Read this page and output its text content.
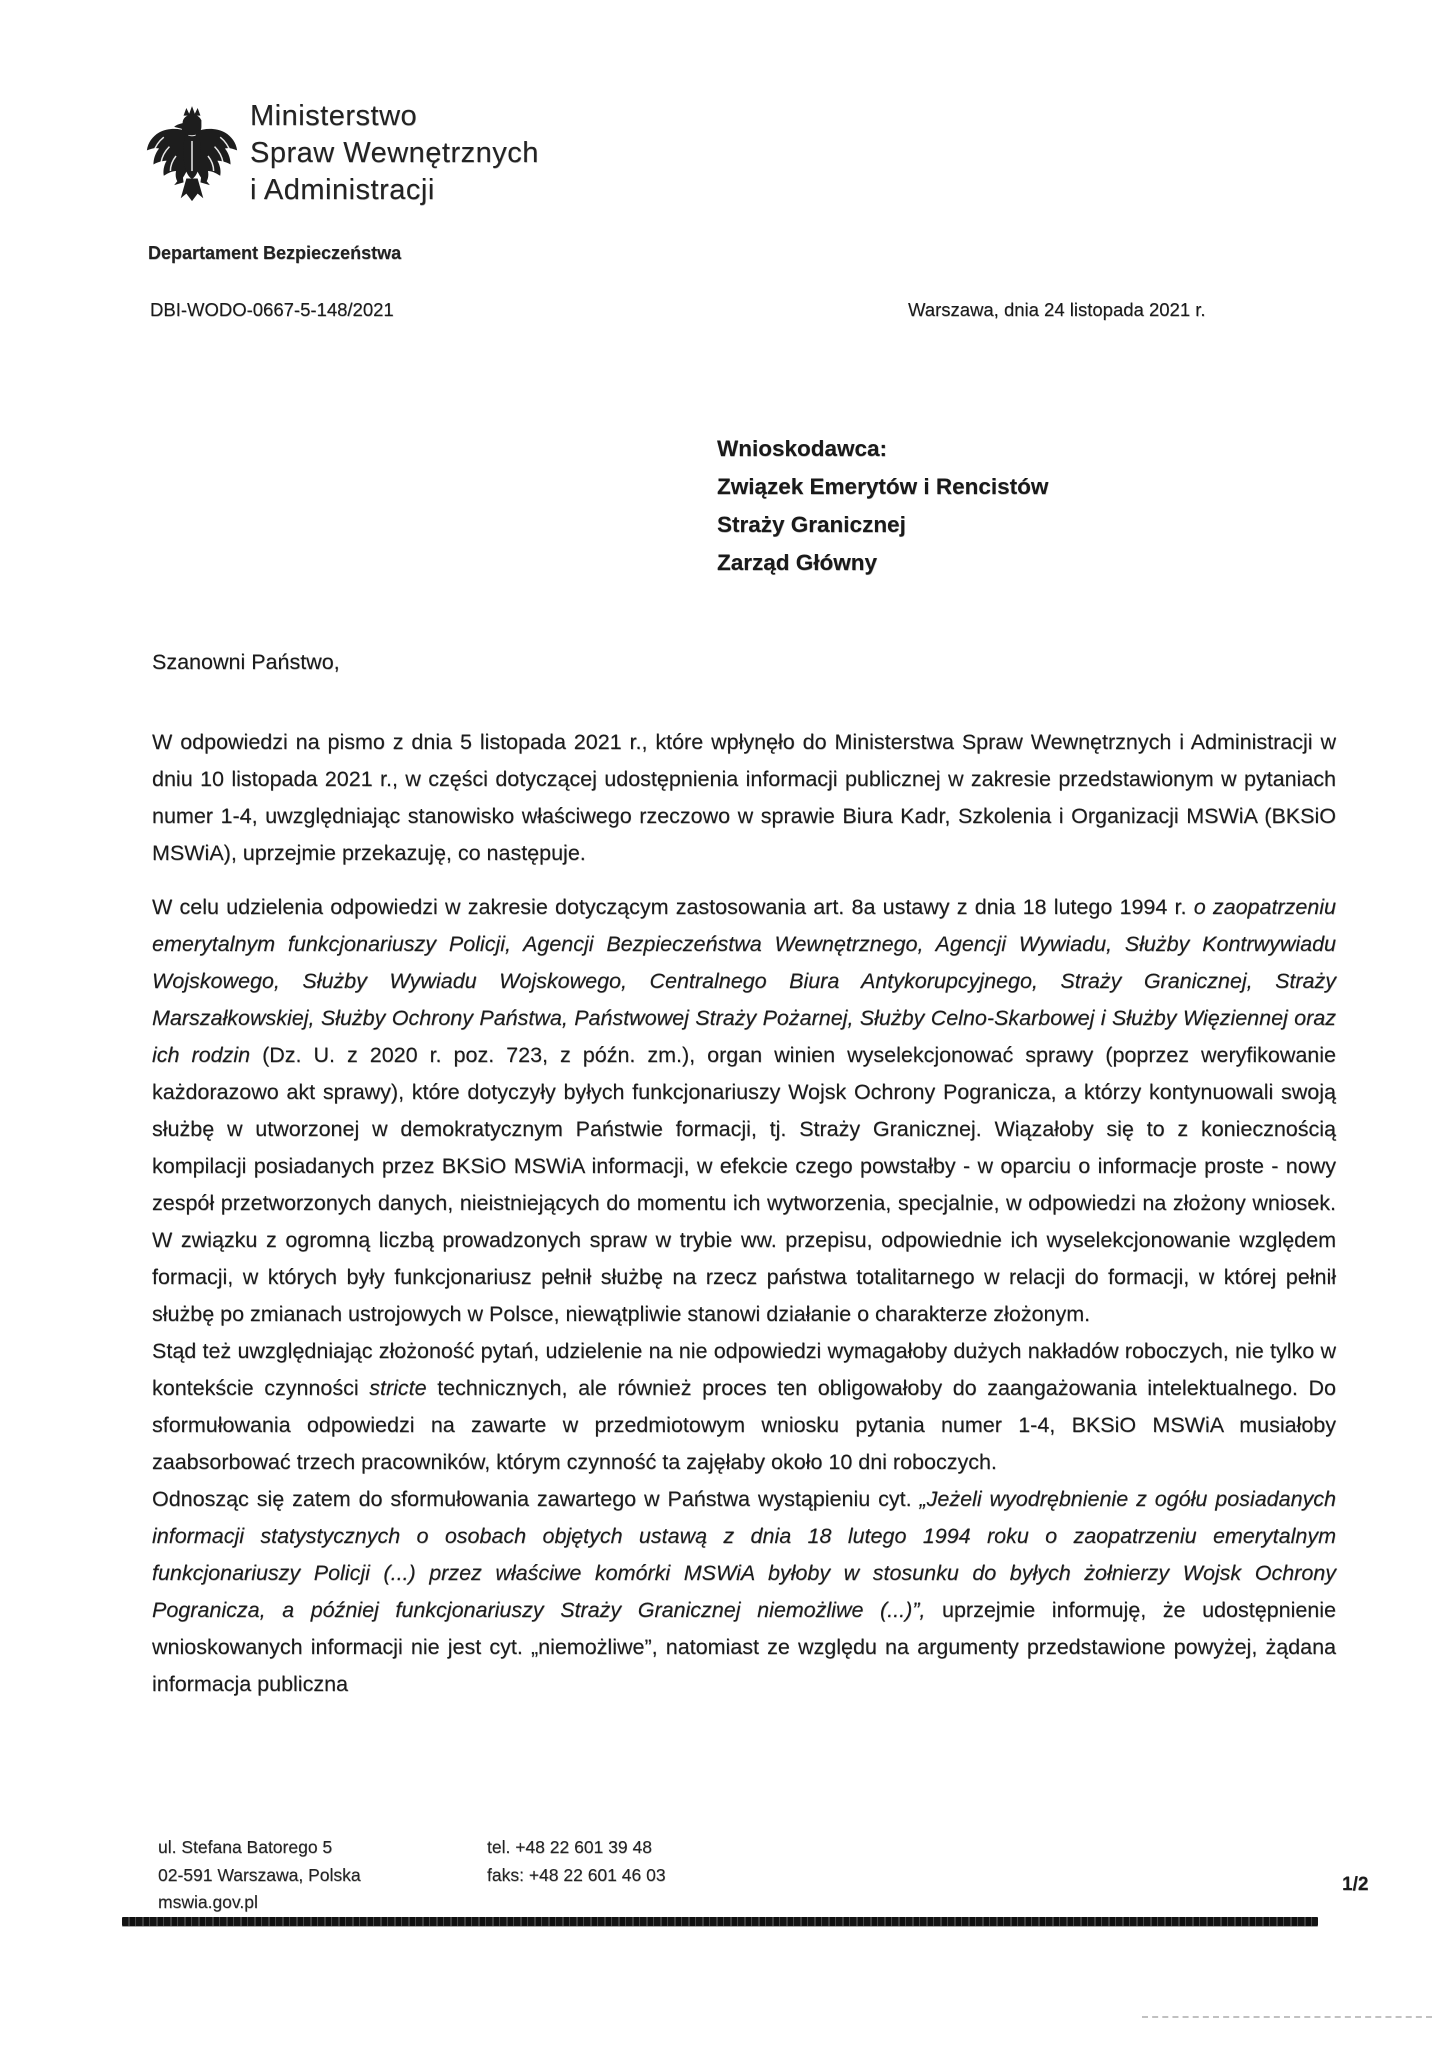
Ministerstwo
Spraw Wewnętrznych
i Administracji
Departament Bezpieczeństwa
DBI-WODO-0667-5-148/2021	Warszawa, dnia 24 listopada 2021 r.
Wnioskodawca:
Związek Emerytów i Rencistów
Straży Granicznej
Zarząd Główny
Szanowni Państwo,

W odpowiedzi na pismo z dnia 5 listopada 2021 r., które wpłynęło do Ministerstwa Spraw Wewnętrznych i Administracji w dniu 10 listopada 2021 r., w części dotyczącej udostępnienia informacji publicznej w zakresie przedstawionym w pytaniach numer 1-4, uwzględniając stanowisko właściwego rzeczowo w sprawie Biura Kadr, Szkolenia i Organizacji MSWiA (BKSiO MSWiA), uprzejmie przekazuję, co następuje.

W celu udzielenia odpowiedzi w zakresie dotyczącym zastosowania art. 8a ustawy z dnia 18 lutego 1994 r. o zaopatrzeniu emerytalnym funkcjonariuszy Policji, Agencji Bezpieczeństwa Wewnętrznego, Agencji Wywiadu, Służby Kontrwywiadu Wojskowego, Służby Wywiadu Wojskowego, Centralnego Biura Antykorupcyjnego, Straży Granicznej, Straży Marszałkowskiej, Służby Ochrony Państwa, Państwowej Straży Pożarnej, Służby Celno-Skarbowej i Służby Więziennej oraz ich rodzin (Dz. U. z 2020 r. poz. 723, z późn. zm.), organ winien wyselekcjonować sprawy (poprzez weryfikowanie każdorazowo akt sprawy), które dotyczyły byłych funkcjonariuszy Wojsk Ochrony Pogranicza, a którzy kontynuowali swoją służbę w utworzonej w demokratycznym Państwie formacji, tj. Straży Granicznej. Wiązałoby się to z koniecznością kompilacji posiadanych przez BKSiO MSWiA informacji, w efekcie czego powstałby - w oparciu o informacje proste - nowy zespół przetworzonych danych, nieistniejących do momentu ich wytworzenia, specjalnie, w odpowiedzi na złożony wniosek. W związku z ogromną liczbą prowadzonych spraw w trybie ww. przepisu, odpowiednie ich wyselekcjonowanie względem formacji, w których były funkcjonariusz pełnił służbę na rzecz państwa totalitarnego w relacji do formacji, w której pełnił służbę po zmianach ustrojowych w Polsce, niewątpliwie stanowi działanie o charakterze złożonym.

Stąd też uwzględniając złożoność pytań, udzielenie na nie odpowiedzi wymagałoby dużych nakładów roboczych, nie tylko w kontekście czynności stricte technicznych, ale również proces ten obligowałoby do zaangażowania intelektualnego. Do sformułowania odpowiedzi na zawarte w przedmiotowym wniosku pytania numer 1-4, BKSiO MSWiA musiałoby zaabsorbować trzech pracowników, którym czynność ta zajęłaby około 10 dni roboczych.

Odnosząc się zatem do sformułowania zawartego w Państwa wystąpieniu cyt. „Jeżeli wyodrębnienie z ogółu posiadanych informacji statystycznych o osobach objętych ustawą z dnia 18 lutego 1994 roku o zaopatrzeniu emerytalnym funkcjonariuszy Policji (...) przez właściwe komórki MSWiA byłoby w stosunku do byłych żołnierzy Wojsk Ochrony Pogranicza, a później funkcjonariuszy Straży Granicznej niemożliwe (...)”, uprzejmie informuję, że udostępnienie wnioskowanych informacji nie jest cyt. „niemożliwe”, natomiast ze względu na argumenty przedstawione powyżej, żądana informacja publiczna

ul. Stefana Batorego 5
02-591 Warszawa, Polska
mswia.gov.pl
tel. +48 22 601 39 48
faks: +48 22 601 46 03	1/2
